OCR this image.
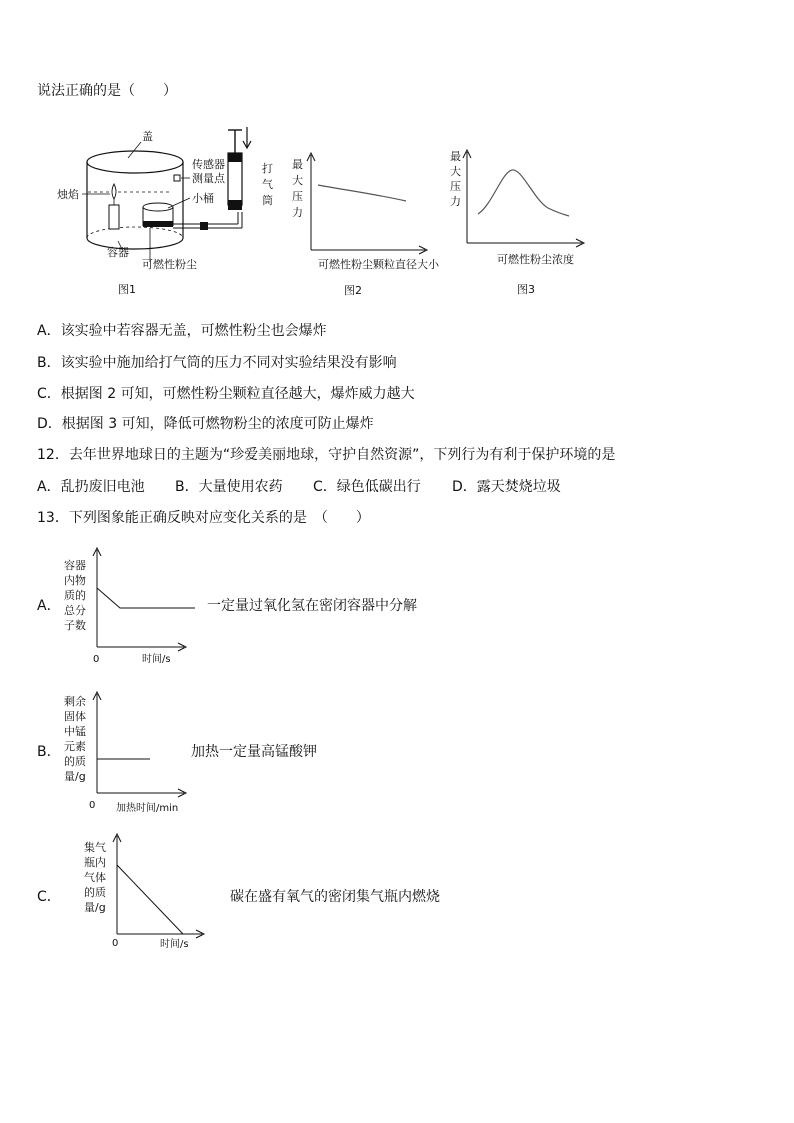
说法正确的是（　　）
盖
传感器
测量点
打
气
筒
烛焰	小桶
容器
可燃性粉尘
图1
最
大
压
力
可燃性粉尘颗粒直径大小
图2
最
大
压
力
可燃性粉尘浓度
图3
A．该实验中若容器无盖，可燃性粉尘也会爆炸
B．该实验中施加给打气筒的压力不同对实验结果没有影响
C．根据图 2 可知，可燃性粉尘颗粒直径越大，爆炸威力越大
D．根据图 3 可知，降低可燃物粉尘的浓度可防止爆炸
12．去年世界地球日的主题为“珍爱美丽地球，守护自然资源”，下列行为有利于保护环境的是
A．乱扔废旧电池 B．大量使用农药 C．绿色低碳出行 D．露天焚烧垃圾
13．下列图象能正确反映对应变化关系的是　（　　）
A．
容器
内物
质的
总分
子数
0	时间/s
一定量过氧化氢在密闭容器中分解
B．
剩余
固体
中锰
元素
的质
量/g
0 加热时间/min
加热一定量高锰酸钾
C．
集气
瓶内
气体
的质
量/g
0	时间/s
碳在盛有氧气的密闭集气瓶内燃烧
